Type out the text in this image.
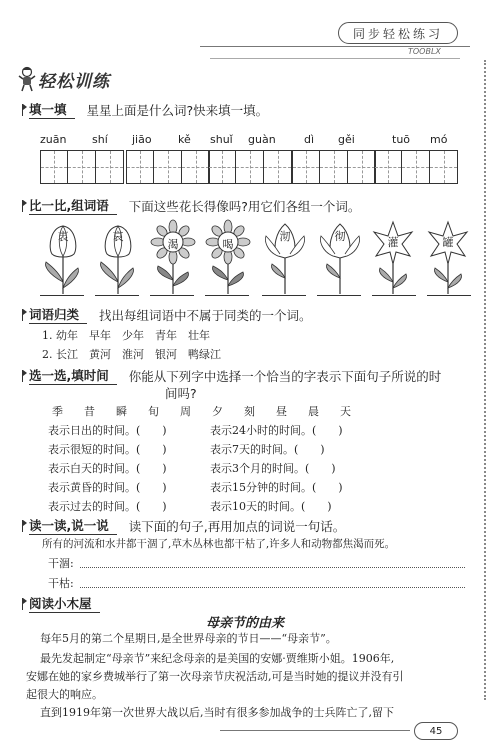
同步轻松练习
TOOBLX
轻松训练
填一填	星星上面是什么词?快来填一填。
zuān shí jiāo kě shuǐ guàn	dì gěi	tuō mó
比一比,组词语	下面这些花长得像吗?用它们各组一个词。
衷	哀
渴	喝
沏	彻	灌	罐
词语归类	找出每组词语中不属于同类的一个词。
1. 幼年　早年　少年　青年　壮年
2. 长江　黄河　淮河　银河　鸭绿江
选一选,填时间	你能从下列字中选择一个恰当的字表示下面句子所说的时
间吗?
季	昔	瞬	旬	周	夕	刻	昼	晨	天
表示日出的时间。(　　)	表示24小时的时间。(　　)
表示很短的时间。(　　)	表示7天的时间。(　　)
表示白天的时间。(　　)	表示3个月的时间。(　　)
表示黄昏的时间。(　　)	表示15分钟的时间。(　　)
表示过去的时间。(　　)	表示10天的时间。(　　)
读一读,说一说	读下面的句子,再用加点的词说一句话。
所有的河流和水井都干涸了,草木丛林也都干枯了,许多人和动物都焦渴而死。
干涸:
干枯:
阅读小木屋
母亲节的由来
每年5月的第二个星期日,是全世界母亲的节日——“母亲节”。
最先发起制定“母亲节”来纪念母亲的是美国的安娜·贾维斯小姐。1906年,
安娜在她的家乡费城举行了第一次母亲节庆祝活动,可是当时她的提议并没有引
起很大的响应。
直到1919年第一次世界大战以后,当时有很多参加战争的士兵阵亡了,留下
45
